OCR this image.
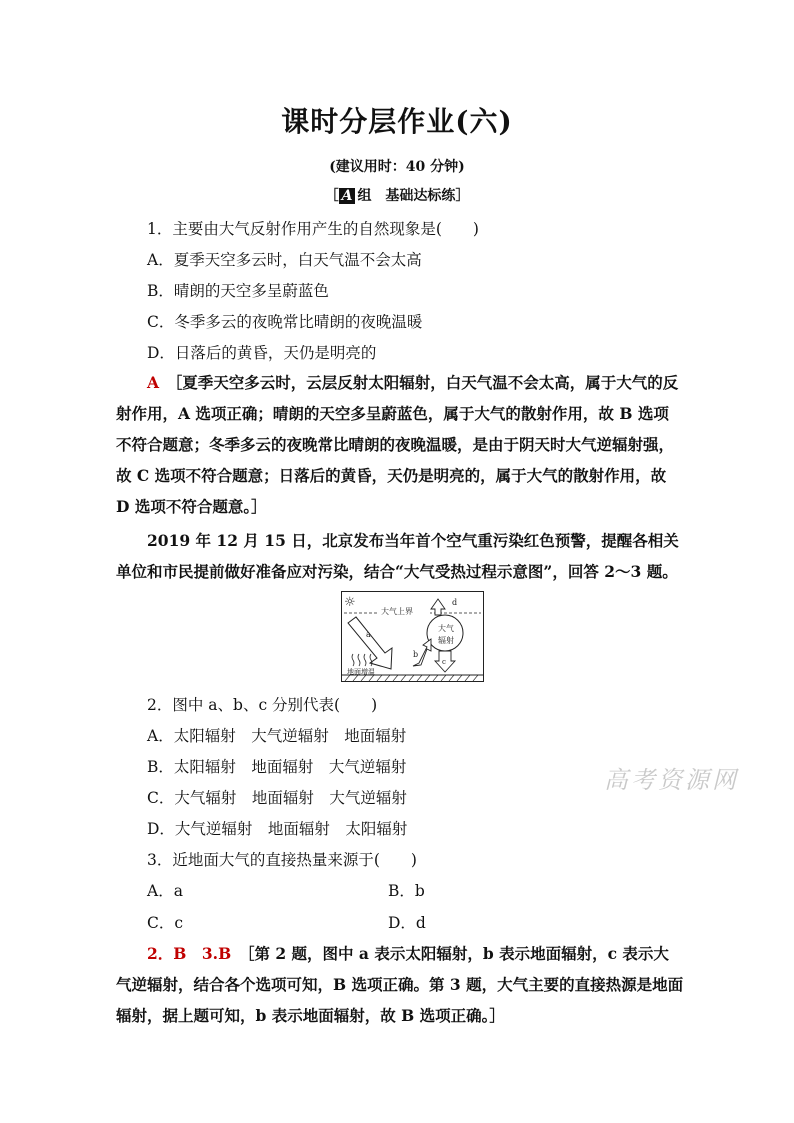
课时分层作业(六)
(建议用时：40 分钟)
［ A 组　基础达标练］
1．主要由大气反射作用产生的自然现象是(　　)
A．夏季天空多云时，白天气温不会太高
B．晴朗的天空多呈蔚蓝色
C．冬季多云的夜晚常比晴朗的夜晚温暖
D．日落后的黄昏，天仍是明亮的
A　 ［夏季天空多云时，云层反射太阳辐射，白天气温不会太高，属于大气的反射作用，A 选项正确；晴朗的天空多呈蔚蓝色，属于大气的散射作用，故 B 选项不符合题意；冬季多云的夜晚常比晴朗的夜晚温暖，是由于阴天时大气逆辐射强，故 C 选项不符合题意；日落后的黄昏，天仍是明亮的，属于大气的散射作用，故 D 选项不符合题意。］
2019 年 12 月 15 日，北京发布当年首个空气重污染红色预警，提醒各相关单位和市民提前做好准备应对污染，结合“大气受热过程示意图”，回答 2～3 题。
☼
大气上界
a
地面增温
大气
辐射
d
b
c
2．图中 a、b、c 分别代表(　　)
A．太阳辐射　大气逆辐射　地面辐射
B．太阳辐射　地面辐射　大气逆辐射
C．大气辐射　地面辐射　大气逆辐射
D．大气逆辐射　地面辐射　太阳辐射
高考资源网
3．近地面大气的直接热量来源于(　　)
A．a	B．b
C．c	D．d
2．B　3.B　 ［第 2 题，图中 a 表示太阳辐射，b 表示地面辐射，c 表示大气逆辐射，结合各个选项可知，B 选项正确。第 3 题，大气主要的直接热源是地面辐射，据上题可知，b 表示地面辐射，故 B 选项正确。］
